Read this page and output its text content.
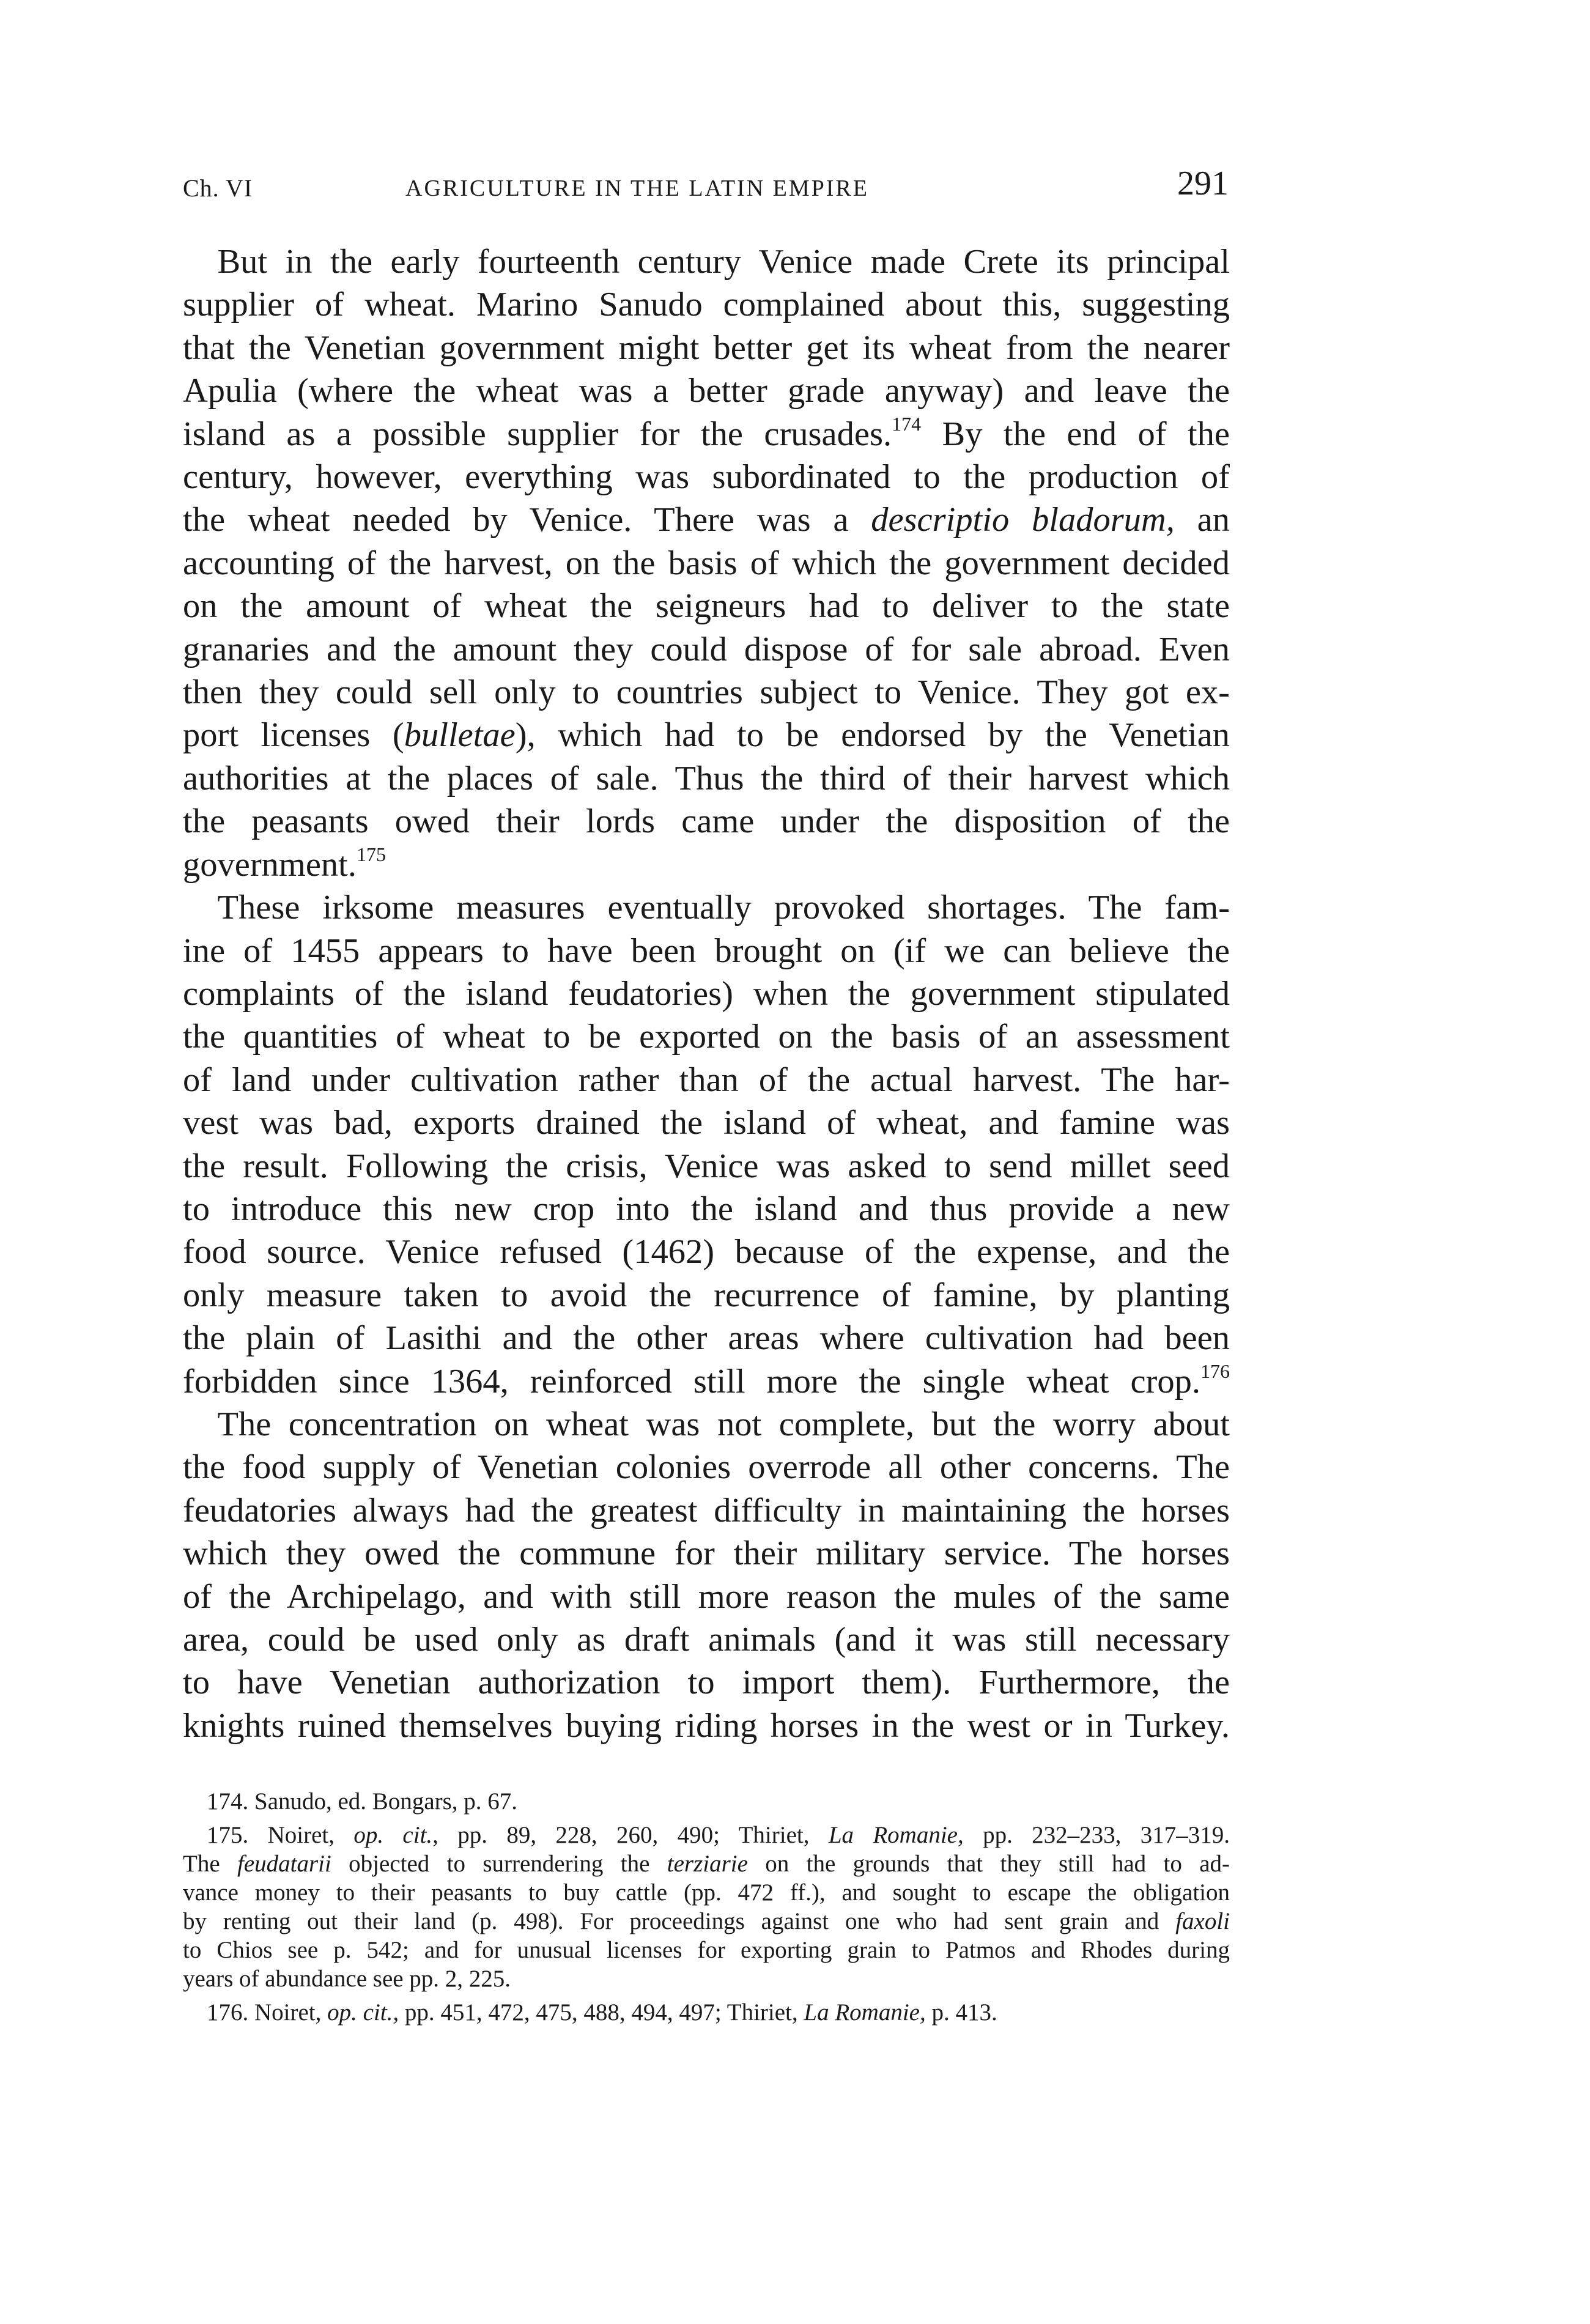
Ch. VI	AGRICULTURE IN THE LATIN EMPIRE	291
 But in the early fourteenth century Venice made Crete its principal
supplier of wheat. Marino Sanudo complained about this, suggesting
that the Venetian government might better get its wheat from the nearer
Apulia (where the wheat was a better grade anyway) and leave the
island as a possible supplier for the crusades.$^{174}$ By the end of the
century, however, everything was subordinated to the production of
the wheat needed by Venice. There was a descriptio bladorum, an
accounting of the harvest, on the basis of which the government decided
on the amount of wheat the seigneurs had to deliver to the state
granaries and the amount they could dispose of for sale abroad. Even
then they could sell only to countries subject to Venice. They got ex-
port licenses (bulletae), which had to be endorsed by the Venetian
authorities at the places of sale. Thus the third of their harvest which
the peasants owed their lords came under the disposition of the
government.$^{175}$
 These irksome measures eventually provoked shortages. The fam-
ine of 1455 appears to have been brought on (if we can believe the
complaints of the island feudatories) when the government stipulated
the quantities of wheat to be exported on the basis of an assessment
of land under cultivation rather than of the actual harvest. The har-
vest was bad, exports drained the island of wheat, and famine was
the result. Following the crisis, Venice was asked to send millet seed
to introduce this new crop into the island and thus provide a new
food source. Venice refused (1462) because of the expense, and the
only measure taken to avoid the recurrence of famine, by planting
the plain of Lasithi and the other areas where cultivation had been
forbidden since 1364, reinforced still more the single wheat crop.$^{176}$
 The concentration on wheat was not complete, but the worry about
the food supply of Venetian colonies overrode all other concerns. The
feudatories always had the greatest difficulty in maintaining the horses
which they owed the commune for their military service. The horses
of the Archipelago, and with still more reason the mules of the same
area, could be used only as draft animals (and it was still necessary
to have Venetian authorization to import them). Furthermore, the
knights ruined themselves buying riding horses in the west or in Turkey.
 174. Sanudo, ed. Bongars, p. 67.
 175. Noiret, op. cit., pp. 89, 228, 260, 490; Thiriet, La Romanie, pp. 232–233, 317–319.
The feudatarii objected to surrendering the terziarie on the grounds that they still had to ad-
vance money to their peasants to buy cattle (pp. 472 ff.), and sought to escape the obligation
by renting out their land (p. 498). For proceedings against one who had sent grain and faxoli
to Chios see p. 542; and for unusual licenses for exporting grain to Patmos and Rhodes during
years of abundance see pp. 2, 225.
 176. Noiret, op. cit., pp. 451, 472, 475, 488, 494, 497; Thiriet, La Romanie, p. 413.
